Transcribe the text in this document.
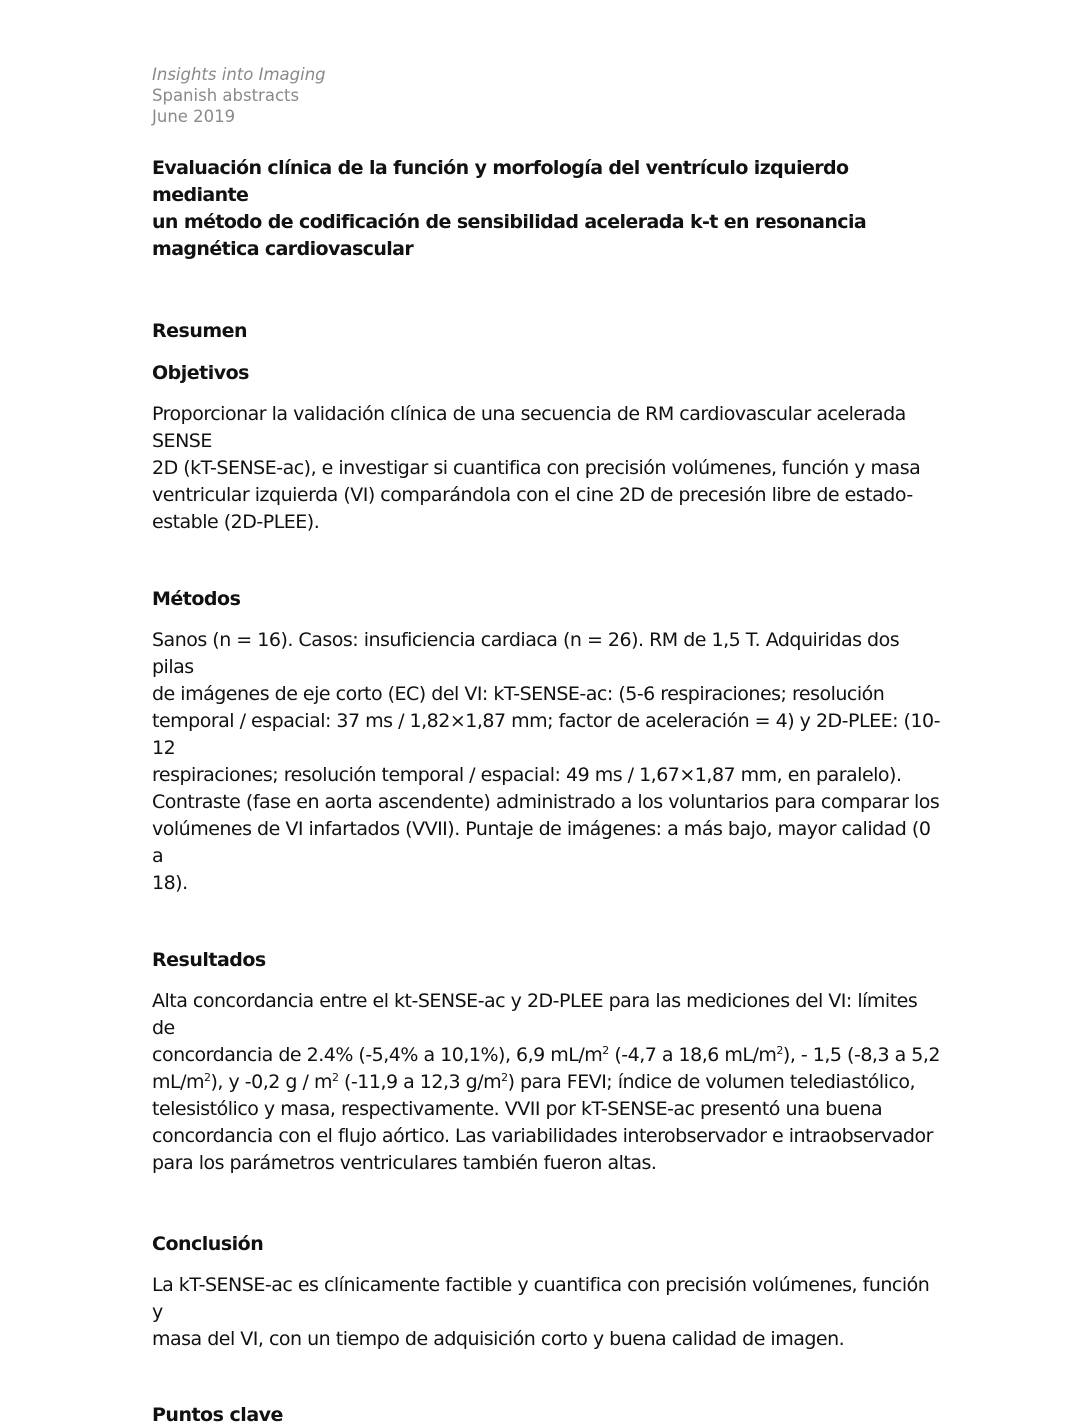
Insights into Imaging
Spanish abstracts
June 2019
Evaluación clínica de la función y morfología del ventrículo izquierdo mediante
un método de codificación de sensibilidad acelerada k-t en resonancia
magnética cardiovascular
Resumen
Objetivos
Proporcionar la validación clínica de una secuencia de RM cardiovascular acelerada SENSE
2D (kT-SENSE-ac), e investigar si cuantifica con precisión volúmenes, función y masa
ventricular izquierda (VI) comparándola con el cine 2D de precesión libre de estado-
estable (2D-PLEE).
Métodos
Sanos (n = 16). Casos: insuficiencia cardiaca (n = 26). RM de 1,5 T. Adquiridas dos pilas
de imágenes de eje corto (EC) del VI: kT-SENSE-ac: (5-6 respiraciones; resolución
temporal / espacial: 37 ms / 1,82×1,87 mm; factor de aceleración = 4) y 2D-PLEE: (10-12
respiraciones; resolución temporal / espacial: 49 ms / 1,67×1,87 mm, en paralelo).
Contraste (fase en aorta ascendente) administrado a los voluntarios para comparar los
volúmenes de VI infartados (VVII). Puntaje de imágenes: a más bajo, mayor calidad (0 a
18).
Resultados
Alta concordancia entre el kt-SENSE-ac y 2D-PLEE para las mediciones del VI: límites de
concordancia de 2.4% (-5,4% a 10,1%), 6,9 $mL/m^2$ (-4,7 a 18,6 $mL/m^2$), - 1,5 (-8,3 a 5,2
$mL/m^2$), y -0,2 g / $m^2$ (-11,9 a 12,3 $g/m^2$) para FEVI; índice de volumen telediastólico,
telesistólico y masa, respectivamente. VVII por kT-SENSE-ac presentó una buena
concordancia con el flujo aórtico. Las variabilidades interobservador e intraobservador
para los parámetros ventriculares también fueron altas.
Conclusión
La kT-SENSE-ac es clínicamente factible y cuantifica con precisión volúmenes, función y
masa del VI, con un tiempo de adquisición corto y buena calidad de imagen.
Puntos clave
